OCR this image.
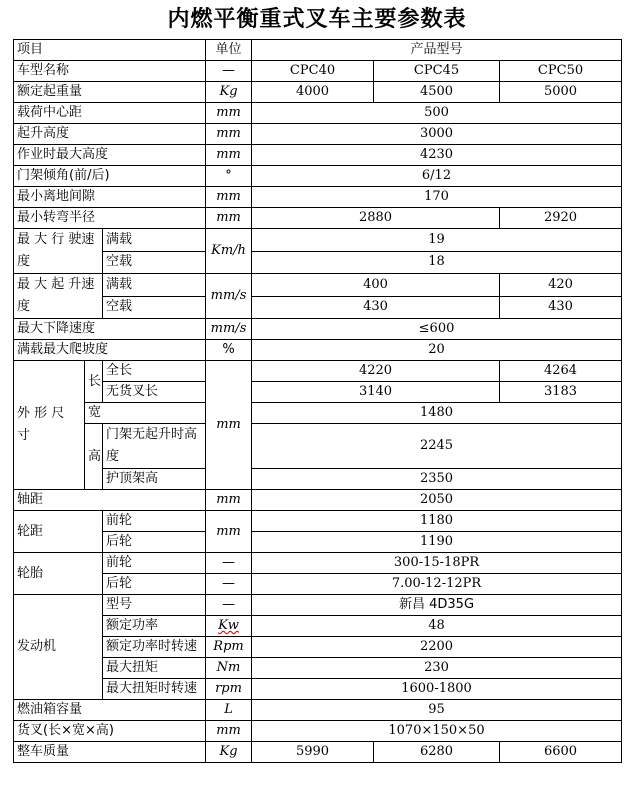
内燃平衡重式叉车主要参数表
项目			单位	产品型号		
车型名称			—	CPC40	CPC45	CPC50
额定起重量			Kg	4000	4500	5000
载荷中心距			mm	500		
起升高度			mm	3000		
作业时最大高度			mm	4230		
门架倾角(前/后)			°	6/12		
最小离地间隙			mm	170		
最小转弯半径			mm	2880		2920
最 大 行 驶速度		满载	Km/h	19		
		空载		18		
最 大 起 升速度		满载	mm/s	400		420
		空载		430		430
最大下降速度			mm/s	≤600		
满载最大爬坡度			%	20		
外 形 尺 寸	长	全长	mm	4220		4264
		无货叉长		3140		3183
	宽			1480		
	高	门架无起升时高度		2245		

		护顶架高		2350		
轴距			mm	2050		
轮距		前轮	mm	1180		
		后轮		1190		
轮胎		前轮	—	300-15-18PR		
		后轮	—	7.00-12-12PR		
发动机		型号	—	新昌 4D35G		
		额定功率	Kw	48		
		额定功率时转速	Rpm	2200		
		最大扭矩	Nm	230		
		最大扭矩时转速	rpm	1600-1800		
燃油箱容量			L	95		
货叉(长×宽×高)			mm	1070×150×50		
整车质量			Kg	5990	6280	6600
